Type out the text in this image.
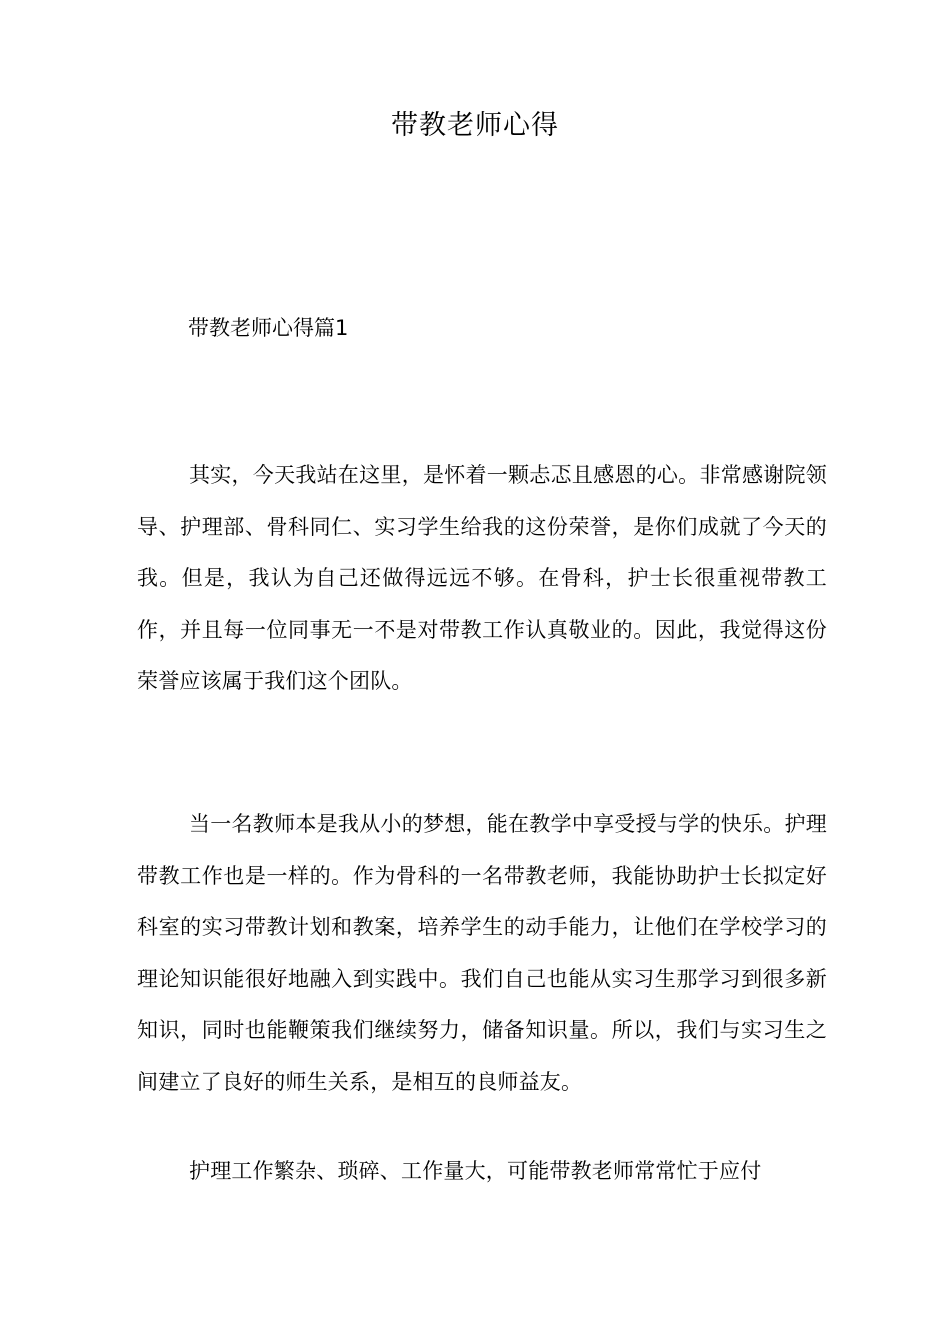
带教老师心得
带教老师心得篇1

其实，今天我站在这里，是怀着一颗忐忑且感恩的心。非常感谢院领导、护理部、骨科同仁、实习学生给我的这份荣誉，是你们成就了今天的我。但是，我认为自己还做得远远不够。在骨科，护士长很重视带教工作，并且每一位同事无一不是对带教工作认真敬业的。因此，我觉得这份荣誉应该属于我们这个团队。

当一名教师本是我从小的梦想，能在教学中享受授与学的快乐。护理带教工作也是一样的。作为骨科的一名带教老师，我能协助护士长拟定好科室的实习带教计划和教案，培养学生的动手能力，让他们在学校学习的理论知识能很好地融入到实践中。我们自己也能从实习生那学习到很多新知识，同时也能鞭策我们继续努力，储备知识量。所以，我们与实习生之间建立了良好的师生关系，是相互的良师益友。

护理工作繁杂、琐碎、工作量大，可能带教老师常常忙于应付
